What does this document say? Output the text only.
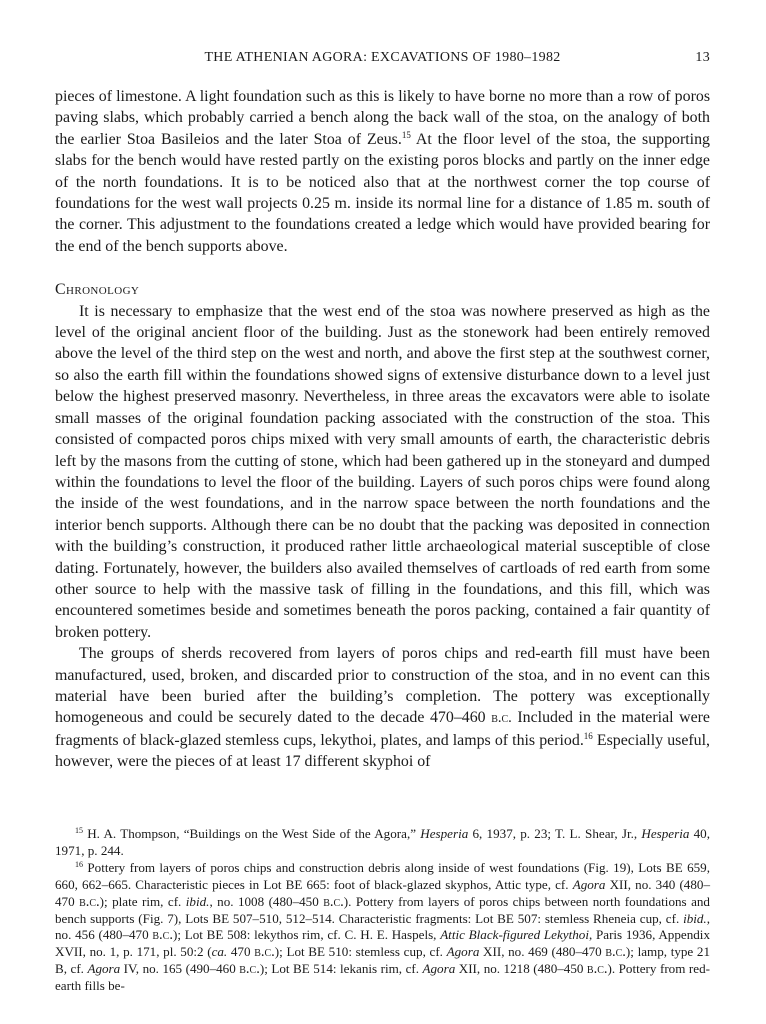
THE ATHENIAN AGORA: EXCAVATIONS OF 1980–1982	13

pieces of limestone. A light foundation such as this is likely to have borne no more than a row of poros paving slabs, which probably carried a bench along the back wall of the stoa, on the analogy of both the earlier Stoa Basileios and the later Stoa of Zeus.$^{15}$ At the floor level of the stoa, the supporting slabs for the bench would have rested partly on the existing poros blocks and partly on the inner edge of the north foundations. It is to be noticed also that at the northwest corner the top course of foundations for the west wall projects 0.25 m. inside its normal line for a distance of 1.85 m. south of the corner. This adjustment to the foundations created a ledge which would have provided bearing for the end of the bench supports above.

Chronology

It is necessary to emphasize that the west end of the stoa was nowhere preserved as high as the level of the original ancient floor of the building. Just as the stonework had been entirely removed above the level of the third step on the west and north, and above the first step at the southwest corner, so also the earth fill within the foundations showed signs of extensive disturbance down to a level just below the highest preserved masonry. Nevertheless, in three areas the excavators were able to isolate small masses of the original foundation packing associated with the construction of the stoa. This consisted of compacted poros chips mixed with very small amounts of earth, the characteristic debris left by the masons from the cutting of stone, which had been gathered up in the stoneyard and dumped within the foundations to level the floor of the building. Layers of such poros chips were found along the inside of the west foundations, and in the narrow space between the north foundations and the interior bench supports. Although there can be no doubt that the packing was deposited in connection with the building’s construction, it produced rather little archaeological material susceptible of close dating. Fortunately, however, the builders also availed themselves of cartloads of red earth from some other source to help with the massive task of filling in the foundations, and this fill, which was encountered sometimes beside and sometimes beneath the poros packing, contained a fair quantity of broken pottery.

The groups of sherds recovered from layers of poros chips and red-earth fill must have been manufactured, used, broken, and discarded prior to construction of the stoa, and in no event can this material have been buried after the building’s completion. The pottery was exceptionally homogeneous and could be securely dated to the decade 470–460 b.c. Included in the material were fragments of black-glazed stemless cups, lekythoi, plates, and lamps of this period.$^{16}$ Especially useful, however, were the pieces of at least 17 different skyphoi of

$^{15}$ H. A. Thompson, “Buildings on the West Side of the Agora,” Hesperia 6, 1937, p. 23; T. L. Shear, Jr., Hesperia 40, 1971, p. 244.

$^{16}$ Pottery from layers of poros chips and construction debris along inside of west foundations (Fig. 19), Lots BE 659, 660, 662–665. Characteristic pieces in Lot BE 665: foot of black-glazed skyphos, Attic type, cf. Agora XII, no. 340 (480–470 b.c.); plate rim, cf. ibid., no. 1008 (480–450 b.c.). Pottery from layers of poros chips between north foundations and bench supports (Fig. 7), Lots BE 507–510, 512–514. Characteristic fragments: Lot BE 507: stemless Rheneia cup, cf. ibid., no. 456 (480–470 b.c.); Lot BE 508: lekythos rim, cf. C. H. E. Haspels, Attic Black-figured Lekythoi, Paris 1936, Appendix XVII, no. 1, p. 171, pl. 50:2 (ca. 470 b.c.); Lot BE 510: stemless cup, cf. Agora XII, no. 469 (480–470 b.c.); lamp, type 21 B, cf. Agora IV, no. 165 (490–460 b.c.); Lot BE 514: lekanis rim, cf. Agora XII, no. 1218 (480–450 b.c.). Pottery from red-earth fills be-
